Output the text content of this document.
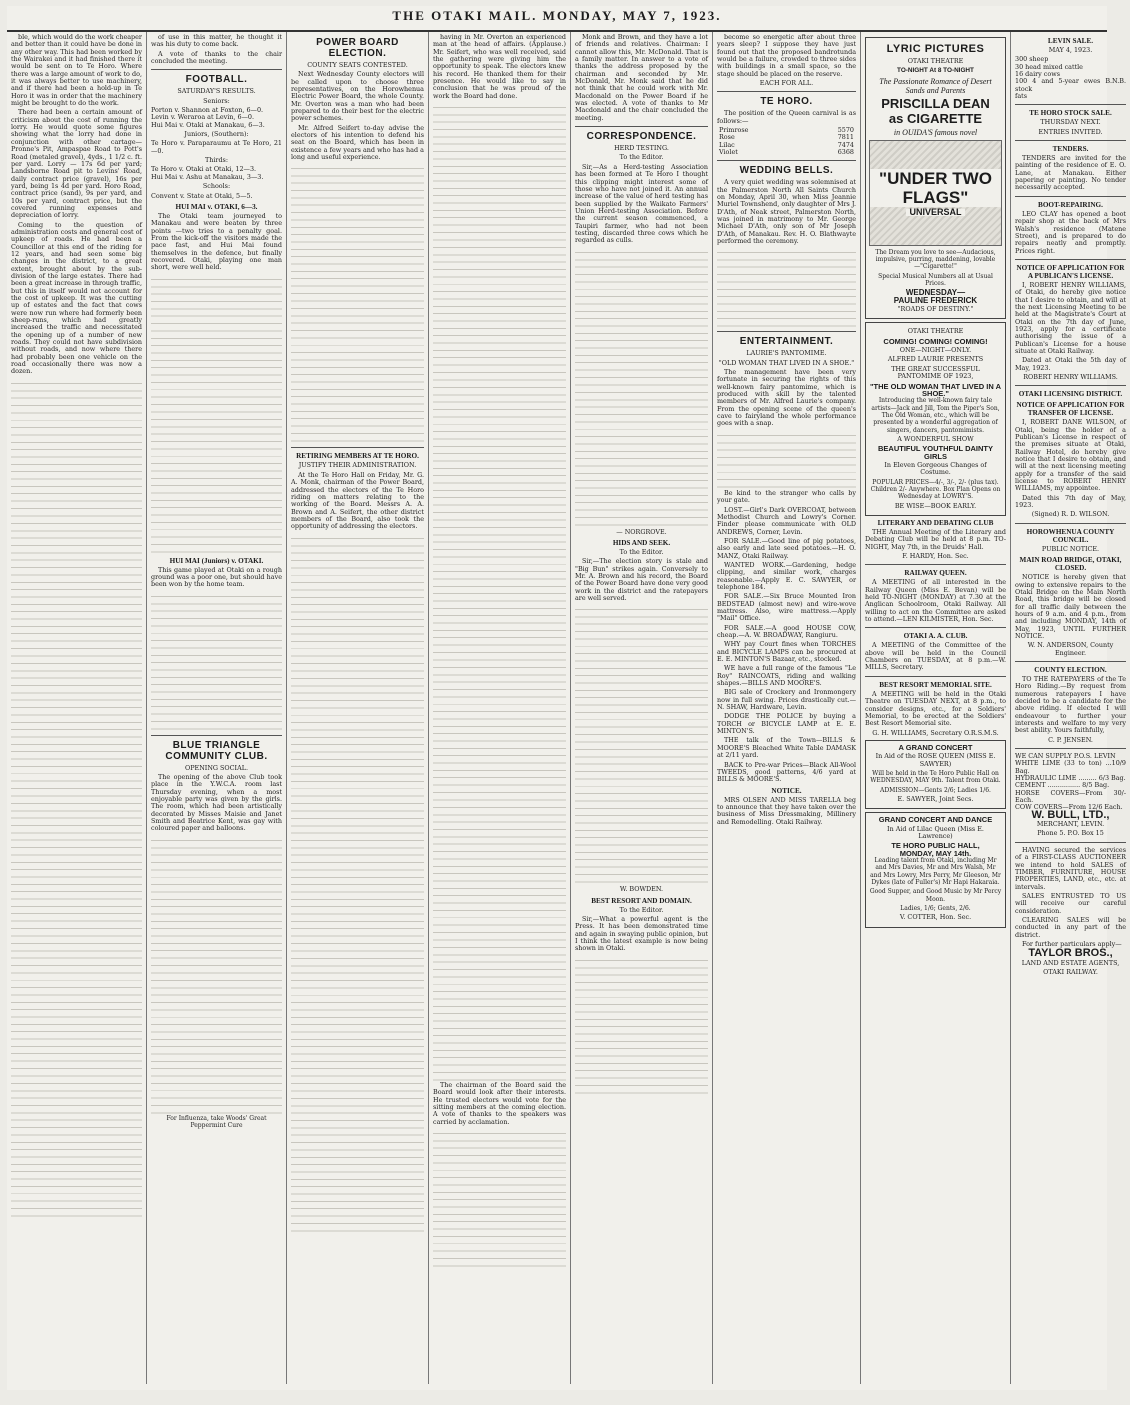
THE OTAKI MAIL. MONDAY, MAY 7, 1923.

ble, which would do the work cheaper and better than it could have be done in any other way. This had been worked by the Wairakei and it had finished there it would be sent on to Te Horo. Where there was a large amount of work to do, it was always better to use machinery, and if there had been a hold-up in Te Horo it was in order that the machinery might be brought to do the work.

There had been a certain amount of criticism about the cost of running the lorry. He would quote some figures showing what the lorry had done in conjunction with other cartage—Pronne's Pit, Ampaspae Road to Pott's Road (metaled gravel), 4yds., 1 1/2 c. ft. per yard. Lorry — 17s 6d per yard; Landsborne Road pit to Levins' Road, daily contract price (gravel), 16s per yard, being 1s 4d per yard. Horo Road, contract price (sand), 9s per yard, and 10s per yard, contract price, but the covered running expenses and depreciation of lorry.

Coming to the question of administration costs and general cost of upkeep of roads. He had been a Councillor at this end of the riding for 12 years, and had seen some big changes in the district, to a great extent, brought about by the sub-division of the large estates. There had been a great increase in through traffic, but this in itself would not account for the cost of upkeep. It was the cutting up of estates and the fact that cows were now run where had formerly been sheep-runs, which had greatly increased the traffic and necessitated the opening up of a number of new roads. They could not have subdivision without roads, and now where there had probably been one vehicle on the road occasionally there was now a dozen.

of use in this matter, he thought it was his duty to come back.

A vote of thanks to the chair concluded the meeting.

FOOTBALL.
SATURDAY'S RESULTS.
Seniors:

Porton v. Shannon at Foxton, 6—0.

Levin v. Weraroa at Levin, 6—0.

Hui Mai v. Otaki at Manakau, 6—3.

Juniors, (Southern):

Te Horo v. Paraparaumu at Te Horo, 21—0.

Thirds:

Te Horo v. Otaki at Otaki, 12—3.

Hui Mai v. Ashu at Manakau, 3—3.

Schools:

Convent v. State at Otaki, 5—5.

HUI MAI v. OTAKI, 6—3.

The Otaki team journeyed to Manakau and were beaten by three points —two tries to a penalty goal. From the kick-off the visitors made the pace fast, and Hui Mai found themselves in the defence, but finally recovered. Otaki, playing one man short, were well held.

HUI MAI (Juniors) v. OTAKI.

This game played at Otaki on a rough ground was a poor one, but should have been won by the home team.

BLUE TRIANGLE COMMUNITY CLUB.
OPENING SOCIAL.

The opening of the above Club took place in the Y.W.C.A. room last Thursday evening, when a most enjoyable party was given by the girls. The room, which had been artistically decorated by Misses Maisie and Janet Smith and Beatrice Kent, was gay with coloured paper and balloons.

For Influenza, take Woods' Great Peppermint Cure

POWER BOARD ELECTION.
COUNTY SEATS CONTESTED.

Next Wednesday County electors will be called upon to choose three representatives, on the Horowhenua Electric Power Board, the whole County. Mr. Overton was a man who had been prepared to do their best for the electric power schemes.

Mr. Alfred Seifert to-day advise the electors of his intention to defend his seat on the Board, which has been in existence a few years and who has had a long and useful experience.

RETIRING MEMBERS AT TE HORO.
JUSTIFY THEIR ADMINISTRATION.

At the Te Horo Hall on Friday, Mr. G. A. Monk, chairman of the Power Board, addressed the electors of the Te Horo riding on matters relating to the working of the Board. Messrs A. A. Brown and A. Seifert, the other district members of the Board, also took the opportunity of addressing the electors.

having in Mr. Overton an experienced man at the head of affairs. (Applause.) Mr. Seifert, who was well received, said the gathering were giving him the opportunity to speak. The electors knew his record. He thanked them for their presence. He would like to say in conclusion that he was proud of the work the Board had done.

The chairman of the Board said the Board would look after their interests. He trusted electors would vote for the sitting members at the coming election. A vote of thanks to the speakers was carried by acclamation.

Monk and Brown, and they have a lot of friends and relatives. Chairman: I cannot allow this, Mr. McDonald. That is a family matter. In answer to a vote of thanks the address proposed by the chairman and seconded by Mr. McDonald, Mr. Monk said that he did not think that he could work with Mr. Macdonald on the Power Board if he was elected. A vote of thanks to Mr Macdonald and the chair concluded the meeting.

CORRESPONDENCE.
HERD TESTING.
To the Editor.

Sir,—As a Herd-testing Association has been formed at Te Horo I thought this clipping might interest some of those who have not joined it. An annual increase of the value of herd testing has been supplied by the Waikato Farmers' Union Herd-testing Association. Before the current season commenced, a Taupiri farmer, who had not been testing, discarded three cows which he regarded as culls.

— NORGROVE.
HIDS AND SEEK.
To the Editor.

Sir,—The election story is stale and "Big Bun" strikes again. Conversely to Mr. A. Brown and his record, the Board of the Power Board have done very good work in the district and the ratepayers are well served.

W. BOWDEN.
BEST RESORT AND DOMAIN.
To the Editor.

Sir,—What a powerful agent is the Press. It has been demonstrated time and again in swaying public opinion, but I think the latest example is now being shown in Otaki.

become so energetic after about three years sleep? I suppose they have just found out that the proposed bandrotunda would be a failure, crowded to three sides with buildings in a small space, so the stage should be placed on the reserve.

EACH FOR ALL.
TE HORO.

The position of the Queen carnival is as follows:—

Primrose	5570
Rose	7811
Lilac	7474
Violet	6368
WEDDING BELLS.

A very quiet wedding was solemnised at the Palmerston North All Saints Church on Monday, April 30, when Miss Jeannie Muriel Townshend, only daughter of Mrs J. D'Ath, of Neak street, Palmerston North, was joined in matrimony to Mr. George Michael D'Ath, only son of Mr Joseph D'Ath, of Manakau. Rev. H. O. Blathwayte performed the ceremony.

ENTERTAINMENT.
LAURIE'S PANTOMIME.
"OLD WOMAN THAT LIVED IN A SHOE."

The management have been very fortunate in securing the rights of this well-known fairy pantomime, which is produced with skill by the talented members of Mr. Alfred Laurie's company. From the opening scene of the queen's cave to fairyland the whole performance goes with a snap.

Be kind to the stranger who calls by your gate.

LOST.—Girl's Dark OVERCOAT, between Methodist Church and Lowry's Corner. Finder please communicate with OLD ANDREWS, Corner, Levin.

FOR SALE.—Good line of pig potatoes, also early and late seed potatoes.—H. O. MANZ, Otaki Railway.

WANTED WORK.—Gardening, hedge clipping, and similar work, charges reasonable.—Apply E. C. SAWYER, or telephone 184.

FOR SALE.—Six Bruce Mounted Iron BEDSTEAD (almost new) and wire-wove mattress. Also, wire mattress.—Apply "Mail" Office.

FOR SALE.—A good HOUSE COW, cheap.—A. W. BROADWAY, Rangiuru.

WHY pay Court fines when TORCHES and BICYCLE LAMPS can be procured at E. E. MINTON'S Bazaar, etc., stocked.

WE have a full range of the famous "Le Roy" RAINCOATS, riding and walking shapes.—BILLS AND MOORE'S.

BIG sale of Crockery and Ironmongery now in full swing. Prices drastically cut.—N. SHAW, Hardware, Levin.

DODGE THE POLICE by buying a TORCH or BICYCLE LAMP at E. E. MINTON'S.

THE talk of the Town—BILLS & MOORE'S Bleached White Table DAMASK at 2/11 yard.

BACK to Pre-war Prices—Black All-Wool TWEEDS, good patterns, 4/6 yard at BILLS & MOORE'S.

NOTICE.

MRS OLSEN AND MISS TARELLA beg to announce that they have taken over the business of Miss Dressmaking, Millinery and Remodelling. Otaki Railway.

LYRIC PICTURES
OTAKI THEATRE
TO-NIGHT At 8 TO-NIGHT
The Passionate Romance of Desert Sands and Parents
PRISCILLA DEAN
as CIGARETTE
in OUIDA'S famous novel
"UNDER TWO FLAGS"
UNIVERSAL

The Dream you love to see—Audacious, impulsive, purring, maddening, lovable—"Cigarette!"

Special Musical Numbers all at Usual Prices.

WEDNESDAY—
PAULINE FREDERICK
"ROADS OF DESTINY."
OTAKI THEATRE
COMING! COMING! COMING!
ONE—NIGHT—ONLY.
ALFRED LAURIE PRESENTS
THE GREAT SUCCESSFUL PANTOMIME OF 1923,
"THE OLD WOMAN THAT LIVED IN A SHOE."

Introducing the well-known fairy tale artists—Jack and Jill, Tom the Piper's Son, The Old Woman, etc., which will be presented by a wonderful aggregation of singers, dancers, pantomimists.

A WONDERFUL SHOW
BEAUTIFUL YOUTHFUL DAINTY GIRLS
In Eleven Gorgeous Changes of Costume.

POPULAR PRICES—4/-, 3/-, 2/- (plus tax). Children 2/- Anywhere. Box Plan Opens on Wednesday at LOWRY'S.

BE WISE—BOOK EARLY.
LITERARY AND DEBATING CLUB

THE Annual Meeting of the Literary and Debating Club will be held at 8 p.m. TO-NIGHT, May 7th, in the Druids' Hall.

F. HARDY, Hon. Sec.
RAILWAY QUEEN.

A MEETING of all interested in the Railway Queen (Miss E. Bevan) will be held TO-NIGHT (MONDAY) at 7.30 at the Anglican Schoolroom, Otaki Railway. All willing to act on the Committee are asked to attend.—LEN KILMISTER, Hon. Sec.

OTAKI A. A. CLUB.

A MEETING of the Committee of the above will be held in the Council Chambers on TUESDAY, at 8 p.m.—W. MILLS, Secretary.

BEST RESORT MEMORIAL SITE.

A MEETING will be held in the Otaki Theatre on TUESDAY NEXT, at 8 p.m., to consider designs, etc., for a Soldiers' Memorial, to be erected at the Soldiers' Best Resort Memorial site.

G. H. WILLIAMS, Secretary O.R.S.M.S.
A GRAND CONCERT
In Aid of the ROSE QUEEN (MISS E. SAWYER)

Will be held in the Te Horo Public Hall on WEDNESDAY, MAY 9th. Talent from Otaki.

ADMISSION—Gents 2/6; Ladies 1/6.

E. SAWYER, Joint Secs.
GRAND CONCERT AND DANCE
In Aid of Lilac Queen (Miss E. Lawrence)
TE HORO PUBLIC HALL,
MONDAY, MAY 14th.

Leading talent from Otaki, including Mr and Mrs Davies, Mr and Mrs Walsh, Mr and Mrs Lowry, Mrs Perry, Mr Gleeson, Mr Dykes (late of Fuller's) Mr Hapi Hakaraia.

Good Supper, and Good Music by Mr Percy Moon.

Ladies, 1/6; Gents, 2/6.

V. COTTER, Hon. Sec.
LEVIN SALE.
MAY 4, 1923.

300 sheep

30 head mixed cattle

16 dairy cows

100 4 and 5-year ewes B.N.B. stock

fats

TE HORO STOCK SALE.
THURSDAY NEXT.
ENTRIES INVITED.
TENDERS.

TENDERS are invited for the painting of the residence of E. O. Lane, at Manakau. Either papering or painting. No tender necessarily accepted.

BOOT-REPAIRING.

LEO CLAY has opened a boot repair shop at the back of Mrs Walsh's residence (Matene Street), and is prepared to do repairs neatly and promptly. Prices right.

NOTICE OF APPLICATION FOR A PUBLICAN'S LICENSE.

I, ROBERT HENRY WILLIAMS, of Otaki, do hereby give notice that I desire to obtain, and will at the next Licensing Meeting to be held at the Magistrate's Court at Otaki on the 7th day of June, 1923, apply for a certificate authorising the issue of a Publican's License for a house situate at Otaki Railway.

Dated at Otaki the 5th day of May, 1923.

ROBERT HENRY WILLIAMS.
OTAKI LICENSING DISTRICT.
NOTICE OF APPLICATION FOR TRANSFER OF LICENSE.

I, ROBERT DANE WILSON, of Otaki, being the holder of a Publican's License in respect of the premises situate at Otaki, Railway Hotel, do hereby give notice that I desire to obtain, and will at the next licensing meeting apply for a transfer of the said license to ROBERT HENRY WILLIAMS, my appointee.

Dated this 7th day of May, 1923.

(Signed) R. D. WILSON.
HOROWHENUA COUNTY COUNCIL.
PUBLIC NOTICE.
MAIN ROAD BRIDGE, OTAKI, CLOSED.

NOTICE is hereby given that owing to extensive repairs to the Otaki Bridge on the Main North Road, this bridge will be closed for all traffic daily between the hours of 9 a.m. and 4 p.m., from and including MONDAY, 14th of May, 1923, UNTIL FURTHER NOTICE.

W. N. ANDERSON, County Engineer.
COUNTY ELECTION.

TO THE RATEPAYERS of the Te Horo Riding.—By request from numerous ratepayers I have decided to be a candidate for the above riding. If elected I will endeavour to further your interests and welfare to my very best ability. Yours faithfully,

C. P. JENSEN.

WE CAN SUPPLY P.O.S. LEVIN

WHITE LIME (33 to ton) ...10/9 Bag.

HYDRAULIC LIME ......... 6/3 Bag.

CEMENT ................ 8/5 Bag.

HORSE COVERS—From 30/- Each.

COW COVERS—From 12/6 Each.

W. BULL, LTD.,
MERCHANT, LEVIN.
Phone 5. P.O. Box 15

HAVING secured the services of a FIRST-CLASS AUCTIONEER we intend to hold SALES of TIMBER, FURNITURE, HOUSE PROPERTIES, LAND, etc., etc. at intervals.

SALES ENTRUSTED TO US will receive our careful consideration.

CLEARING SALES will be conducted in any part of the district.

For further particulars apply—

TAYLOR BROS.,
LAND AND ESTATE AGENTS,
OTAKI RAILWAY.
